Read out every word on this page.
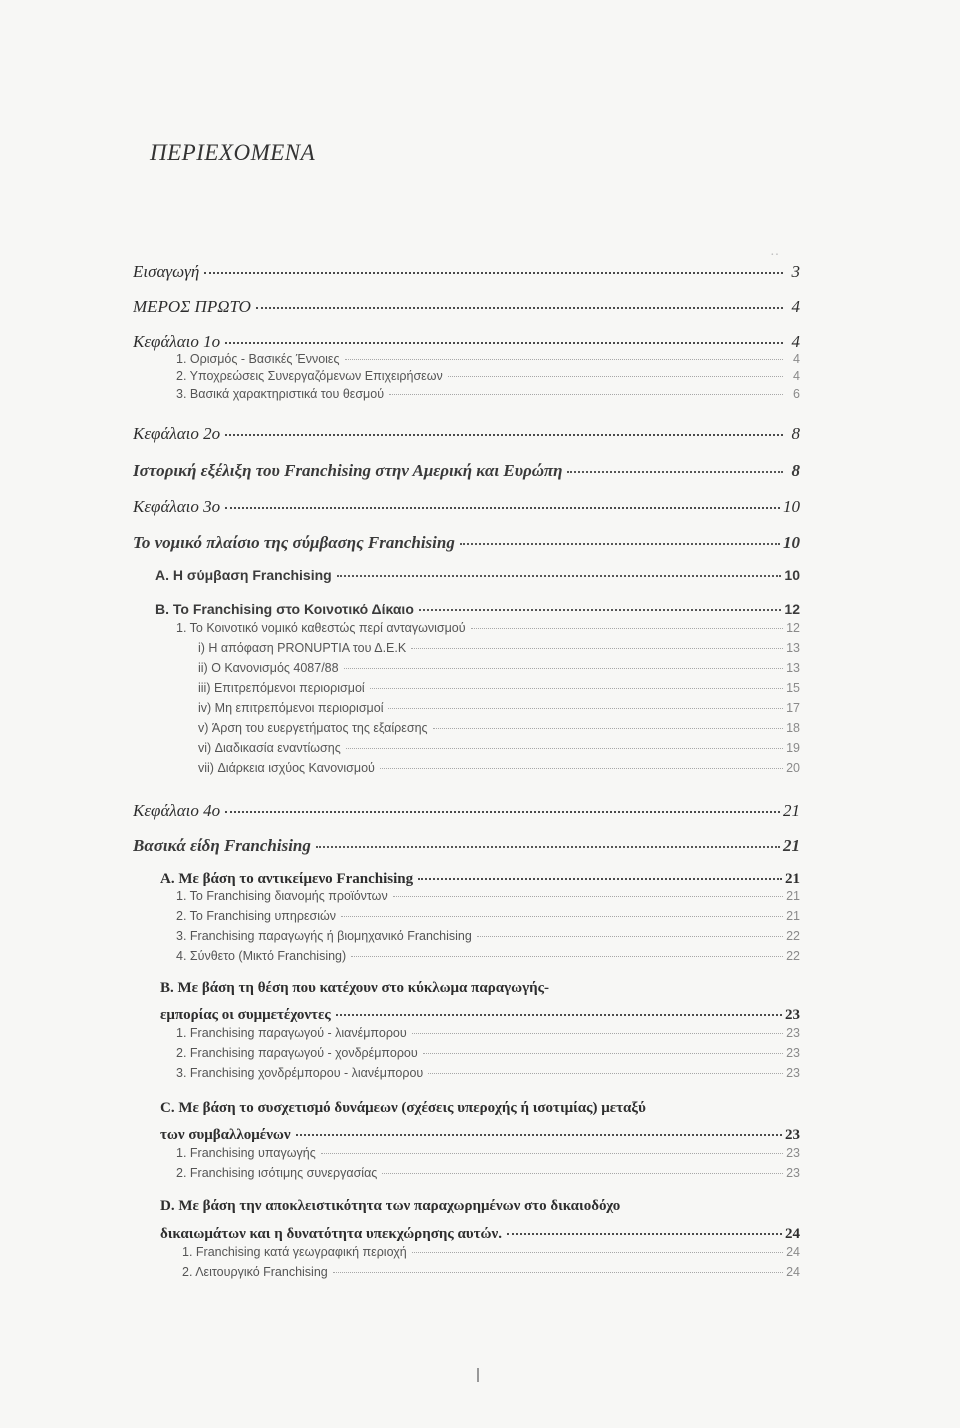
ΠΕΡΙΕΧΟΜΕΝΑ
··
Εισαγωγή	3
ΜΕΡΟΣ ΠΡΩΤΟ	4
Κεφάλαιο 1ο	4
1. Ορισμός - Βασικές Έννοιες	4
2. Υποχρεώσεις Συνεργαζόμενων Επιχειρήσεων	4
3. Βασικά χαρακτηριστικά του θεσμού	6
Κεφάλαιο 2ο	8
Ιστορική εξέλιξη του Franchising στην Αμερική και Ευρώπη	8
Κεφάλαιο 3ο	10
Το νομικό πλαίσιο της σύμβασης Franchising	10
A. Η σύμβαση Franchising	10
B. Το Franchising στο Κοινοτικό Δίκαιο	12
1. Το Κοινοτικό νομικό καθεστώς περί ανταγωνισμού	12
i) Η απόφαση PRONUPTIA του Δ.Ε.Κ	13
ii) Ο Κανονισμός 4087/88	13
iii) Επιτρεπόμενοι περιορισμοί	15
iv) Μη επιτρεπόμενοι περιορισμοί	17
v) Άρση του ευεργετήματος της εξαίρεσης	18
vi) Διαδικασία εναντίωσης	19
vii) Διάρκεια ισχύος Κανονισμού	20
Κεφάλαιο 4ο	21
Βασικά είδη Franchising	21
A. Με βάση το αντικείμενο Franchising	21
1. Το Franchising διανομής προϊόντων	21
2. Το Franchising υπηρεσιών	21
3. Franchising παραγωγής ή βιομηχανικό Franchising	22
4. Σύνθετο (Μικτό Franchising)	22
B. Με βάση τη θέση που κατέχουν στο κύκλωμα παραγωγής-
εμπορίας οι συμμετέχοντες	23
1. Franchising παραγωγού - λιανέμπορου	23
2. Franchising παραγωγού - χονδρέμπορου	23
3. Franchising χονδρέμπορου - λιανέμπορου	23
C. Με βάση το συσχετισμό δυνάμεων (σχέσεις υπεροχής ή ισοτιμίας) μεταξύ
των συμβαλλομένων	23
1. Franchising υπαγωγής	23
2. Franchising ισότιμης συνεργασίας	23
D. Με βάση την αποκλειστικότητα των παραχωρημένων στο δικαιοδόχο
δικαιωμάτων και η δυνατότητα υπεκχώρησης αυτών.	24
1. Franchising κατά γεωγραφική περιοχή	24
2. Λειτουργικό Franchising	24
